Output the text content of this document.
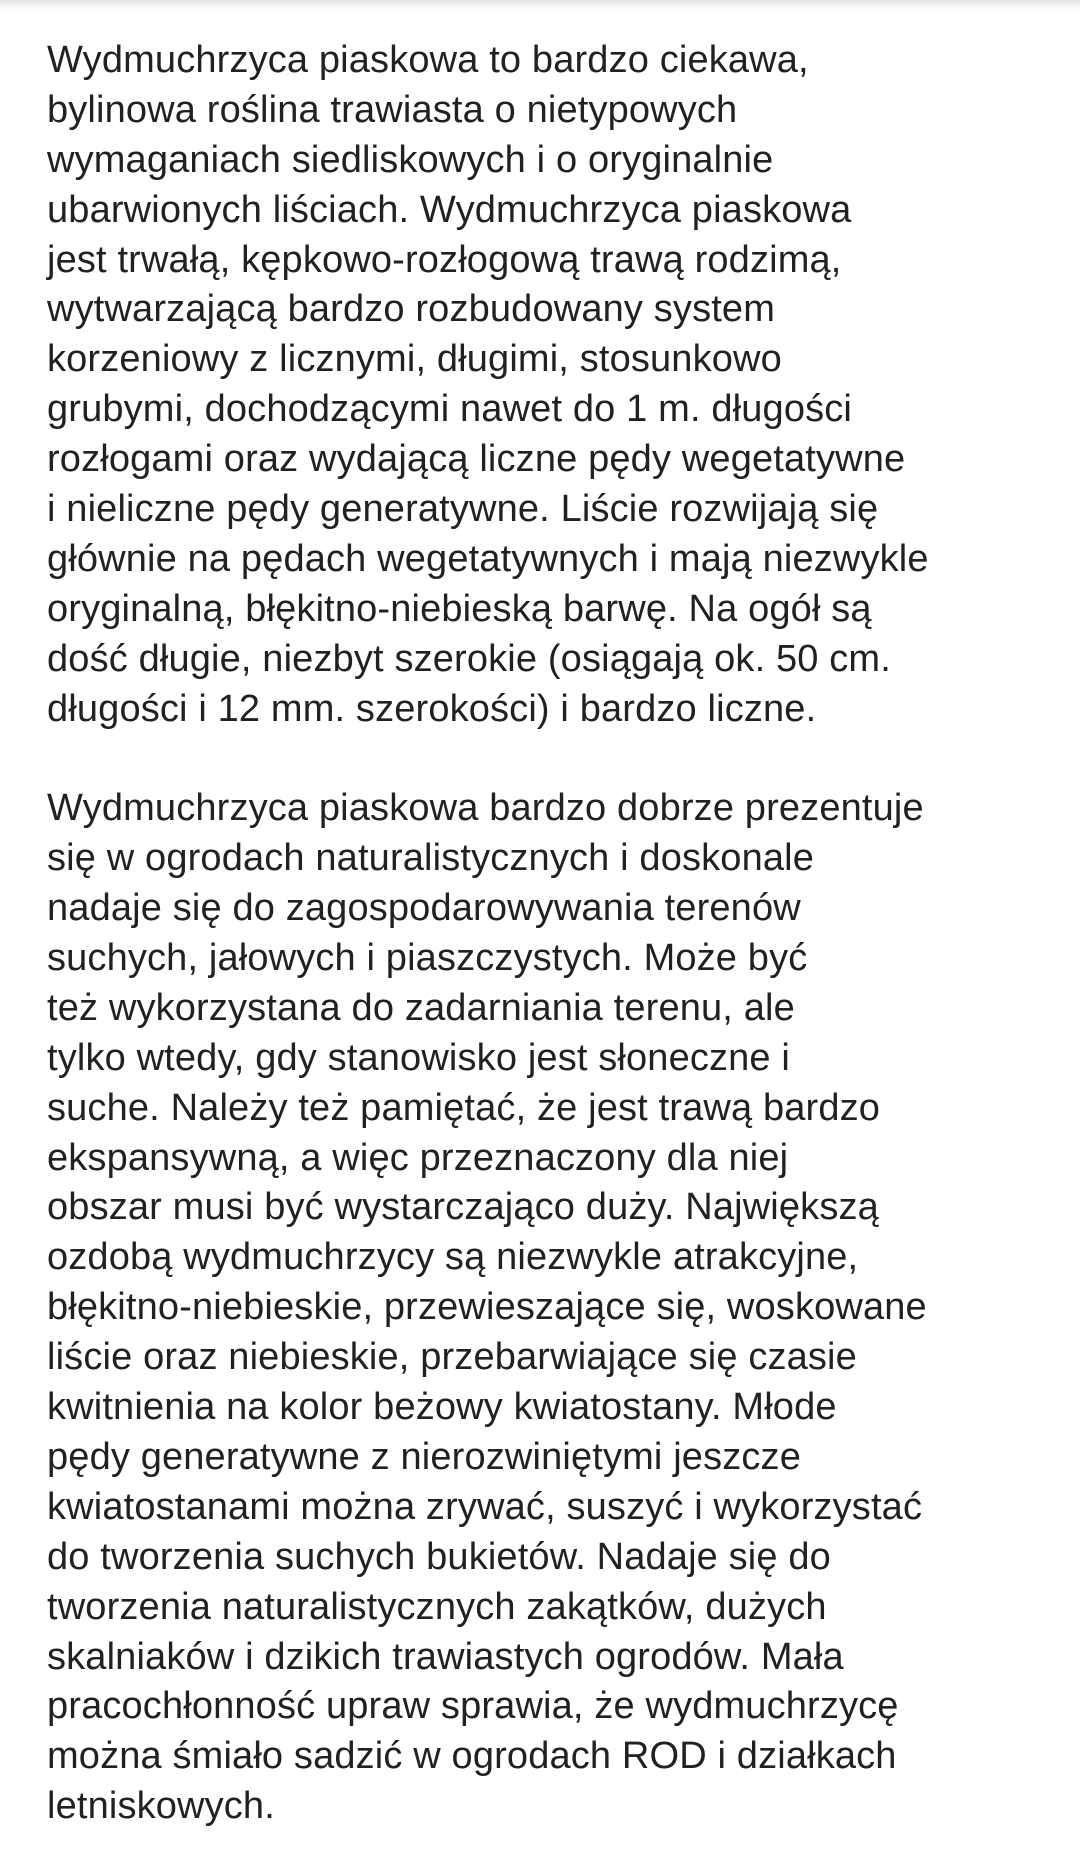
Wydmuchrzyca piaskowa to bardzo ciekawa,
bylinowa roślina trawiasta o nietypowych
wymaganiach siedliskowych i o oryginalnie
ubarwionych liściach. Wydmuchrzyca piaskowa
jest trwałą, kępkowo-rozłogową trawą rodzimą,
wytwarzającą bardzo rozbudowany system
korzeniowy z licznymi, długimi, stosunkowo
grubymi, dochodzącymi nawet do 1 m. długości
rozłogami oraz wydającą liczne pędy wegetatywne
i nieliczne pędy generatywne. Liście rozwijają się
głównie na pędach wegetatywnych i mają niezwykle
oryginalną, błękitno-niebieską barwę. Na ogół są
dość długie, niezbyt szerokie (osiągają ok. 50 cm.
długości i 12 mm. szerokości) i bardzo liczne.
Wydmuchrzyca piaskowa bardzo dobrze prezentuje
się w ogrodach naturalistycznych i doskonale
nadaje się do zagospodarowywania terenów
suchych, jałowych i piaszczystych. Może być
też wykorzystana do zadarniania terenu, ale
tylko wtedy, gdy stanowisko jest słoneczne i
suche. Należy też pamiętać, że jest trawą bardzo
ekspansywną, a więc przeznaczony dla niej
obszar musi być wystarczająco duży. Największą
ozdobą wydmuchrzycy są niezwykle atrakcyjne,
błękitno-niebieskie, przewieszające się, woskowane
liście oraz niebieskie, przebarwiające się czasie
kwitnienia na kolor beżowy kwiatostany. Młode
pędy generatywne z nierozwiniętymi jeszcze
kwiatostanami można zrywać, suszyć i wykorzystać
do tworzenia suchych bukietów. Nadaje się do
tworzenia naturalistycznych zakątków, dużych
skalniaków i dzikich trawiastych ogrodów. Mała
pracochłonność upraw sprawia, że wydmuchrzycę
można śmiało sadzić w ogrodach ROD i działkach
letniskowych.
